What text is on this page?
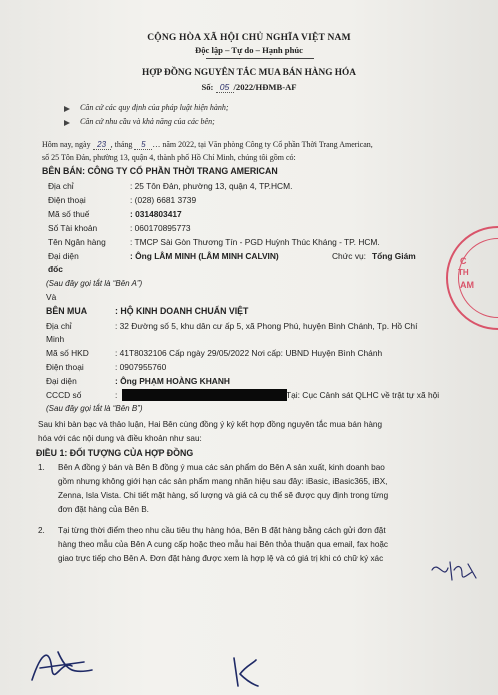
CỘNG HÒA XÃ HỘI CHỦ NGHĨA VIỆT NAM
Độc lập – Tự do – Hạnh phúc
HỢP ĐỒNG NGUYÊN TẮC MUA BÁN HÀNG HÓA
Số: 05 /2022/HĐMB-AF
Căn cứ các quy định của pháp luật hiện hành;
Căn cứ nhu cầu và khả năng của các bên;
Hôm nay, ngày 23 , tháng 5 … năm 2022, tại Văn phòng Công ty Cổ phần Thời Trang American,
số 25 Tôn Đản, phường 13, quận 4, thành phố Hồ Chí Minh, chúng tôi gồm có:
BÊN BÁN: CÔNG TY CỔ PHẦN THỜI TRANG AMERICAN
Địa chỉ	: 25 Tôn Đản, phường 13, quận 4, TP.HCM.
Điện thoại	: (028) 6681 3739
Mã số thuế	: 0314803417
Số Tài khoản	: 060170895773
Tên Ngân hàng	: TMCP Sài Gòn Thương Tín - PGD Huỳnh Thúc Kháng - TP. HCM.
Đại diện	: Ông LÂM MINH (LÂM MINH CALVIN)	Chức vụ: Tổng Giám
đốc
(Sau đây gọi tắt là “Bên A”)
Và
BÊN MUA	: HỘ KINH DOANH CHUẨN VIỆT
Địa chỉ	: 32 Đường số 5, khu dân cư ấp 5, xã Phong Phú, huyện Bình Chánh, Tp. Hồ Chí
Minh
Mã số HKD	: 41T8032106 Cấp ngày 29/05/2022 Nơi cấp: UBND Huyện Bình Chánh
Điện thoại	: 0907955760
Đại diện	: Ông PHẠM HOÀNG KHANH
CCCD số	:	Tại: Cục Cảnh sát QLHC về trật tự xã hội
(Sau đây gọi tắt là “Bên B”)
Sau khi bàn bạc và thảo luận, Hai Bên cùng đồng ý ký kết hợp đồng nguyên tắc mua bán hàng
hóa với các nội dung và điều khoản như sau:
ĐIỀU 1: ĐỐI TƯỢNG CỦA HỢP ĐỒNG
1. Bên A đồng ý bán và Bên B đồng ý mua các sản phẩm do Bên A sản xuất, kinh doanh bao
gồm nhưng không giới hạn các sản phẩm mang nhãn hiệu sau đây: iBasic, iBasic365, iBX,
Zenna, Isla Vista. Chi tiết mặt hàng, số lượng và giá cả cụ thể sẽ được quy định trong từng
đơn đặt hàng của Bên B.
2. Tại từng thời điểm theo nhu cầu tiêu thụ hàng hóa, Bên B đặt hàng bằng cách gửi đơn đặt
hàng theo mẫu của Bên A cung cấp hoặc theo mẫu hai Bên thỏa thuận qua email, fax hoặc
giao trực tiếp cho Bên A. Đơn đặt hàng được xem là hợp lệ và có giá trị khi có chữ ký xác
C
TH
AM
